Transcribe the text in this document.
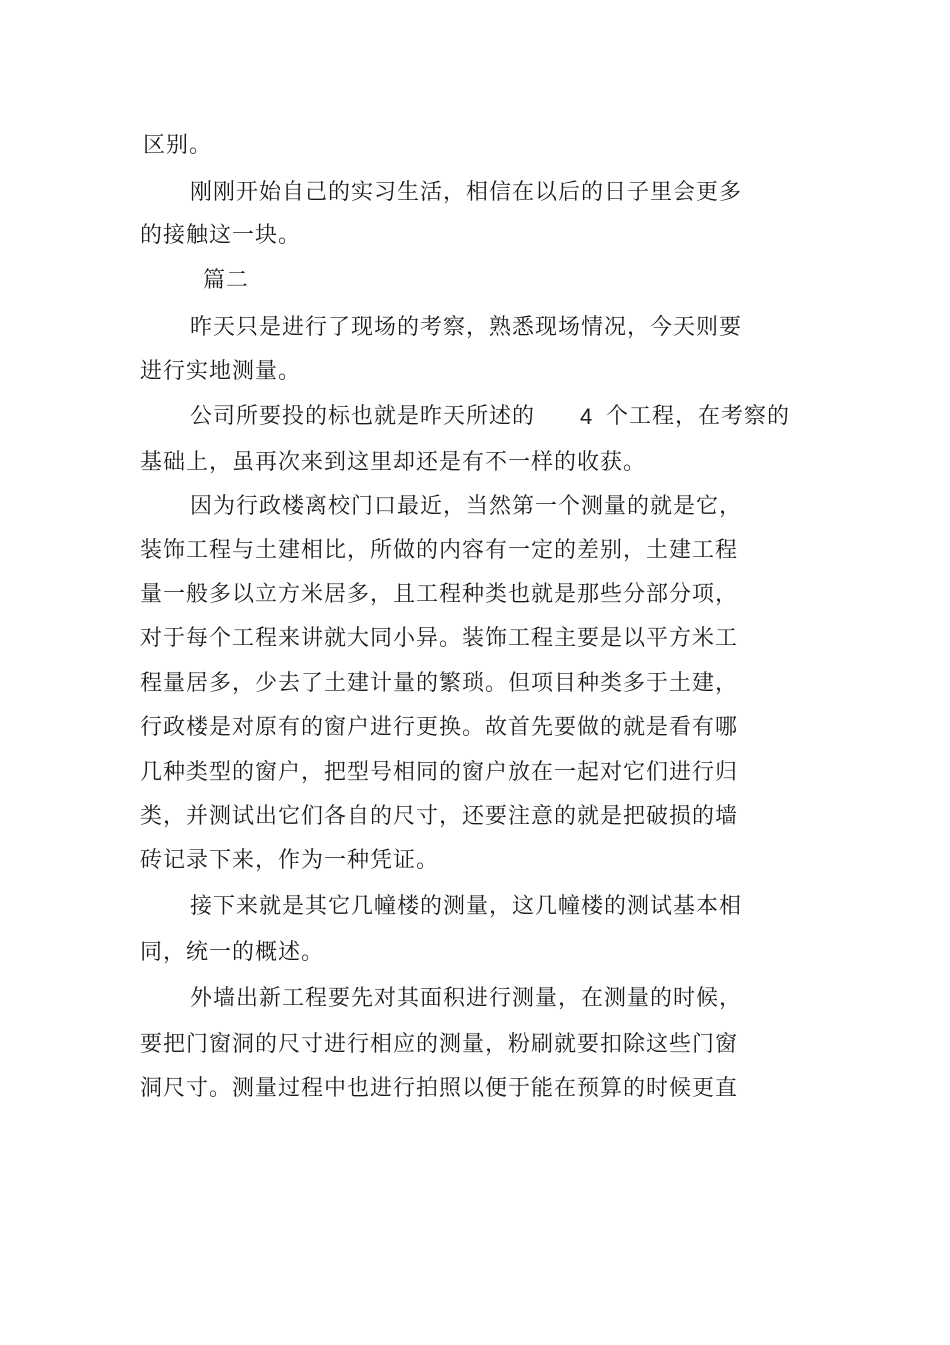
区别。
刚刚开始自己的实习生活，相信在以后的日子里会更多
的接触这一块。
篇二
昨天只是进行了现场的考察，熟悉现场情况，今天则要
进行实地测量。
公司所要投的标也就是昨天所述的 4 个工程，在考察的
基础上，虽再次来到这里却还是有不一样的收获。
因为行政楼离校门口最近，当然第一个测量的就是它，
装饰工程与土建相比，所做的内容有一定的差别，土建工程
量一般多以立方米居多，且工程种类也就是那些分部分项，
对于每个工程来讲就大同小异。装饰工程主要是以平方米工
程量居多，少去了土建计量的繁琐。但项目种类多于土建，
行政楼是对原有的窗户进行更换。故首先要做的就是看有哪
几种类型的窗户，把型号相同的窗户放在一起对它们进行归
类，并测试出它们各自的尺寸，还要注意的就是把破损的墙
砖记录下来，作为一种凭证。
接下来就是其它几幢楼的测量，这几幢楼的测试基本相
同，统一的概述。
外墙出新工程要先对其面积进行测量，在测量的时候，
要把门窗洞的尺寸进行相应的测量，粉刷就要扣除这些门窗
洞尺寸。测量过程中也进行拍照以便于能在预算的时候更直
